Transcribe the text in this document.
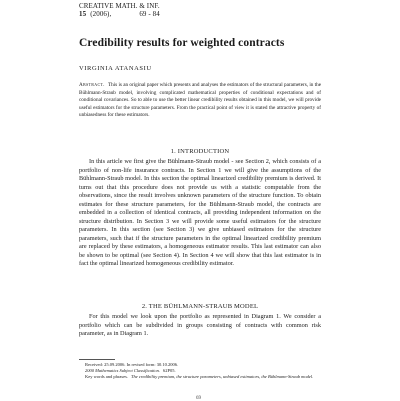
CREATIVE MATH. & INF.
15 (2006),	69 - 84
Credibility results for weighted contracts
VIRGINIA ATANASIU
Abstract. This is an original paper which presents and analyses the estimators of the structural parameters, in the Bühlmann-Straub model, involving complicated mathematical properties of conditional expectations and of conditional covariances. So to able to use the better linear credibility results obtained in this model, we will provide useful estimators for the structure parameters. From the practical point of view it is stated the attractive property of unbiasedness for these estimators.
1. INTRODUCTION

In this article we first give the Bühlmann-Straub model - see Section 2, which consists of a portfolio of non-life insurance contracts. In Section 1 we will give the assumptions of the Bühlmann-Straub model. In this section the optimal linearized credibility premium is derived. It turns out that this procedure does not provide us with a statistic computable from the observations, since the result involves unknown parameters of the structure function. To obtain estimates for these structure parameters, for the Bühlmann-Straub model, the contracts are embedded in a collection of identical contracts, all providing independent information on the structure distribution. In Section 3 we will provide some useful estimators for the structure parameters. In this section (see Section 3) we give unbiased estimators for the structure parameters, such that if the structure parameters in the optimal linearized credibility premium are replaced by these estimators, a homogeneous estimator results. This last estimator can also be shown to be optimal (see Section 4). In Section 4 we will show that this last estimator is in fact the optimal linearized homogeneous credibility estimator.

2. THE BÜHLMANN-STRAUB MODEL

For this model we look upon the portfolio as represented in Diagram 1. We consider a portfolio which can be subdivided in groups consisting of contracts with common risk parameter, as in Diagram 1.

Received: 25.09.2006. In revised form: 30.10.2006.
2000 Mathematics Subject Classification. 62P05.
Key words and phrases. The credibility premium, the structure parameters, unbiased estimators, the Bühlmann-Straub model.
69
